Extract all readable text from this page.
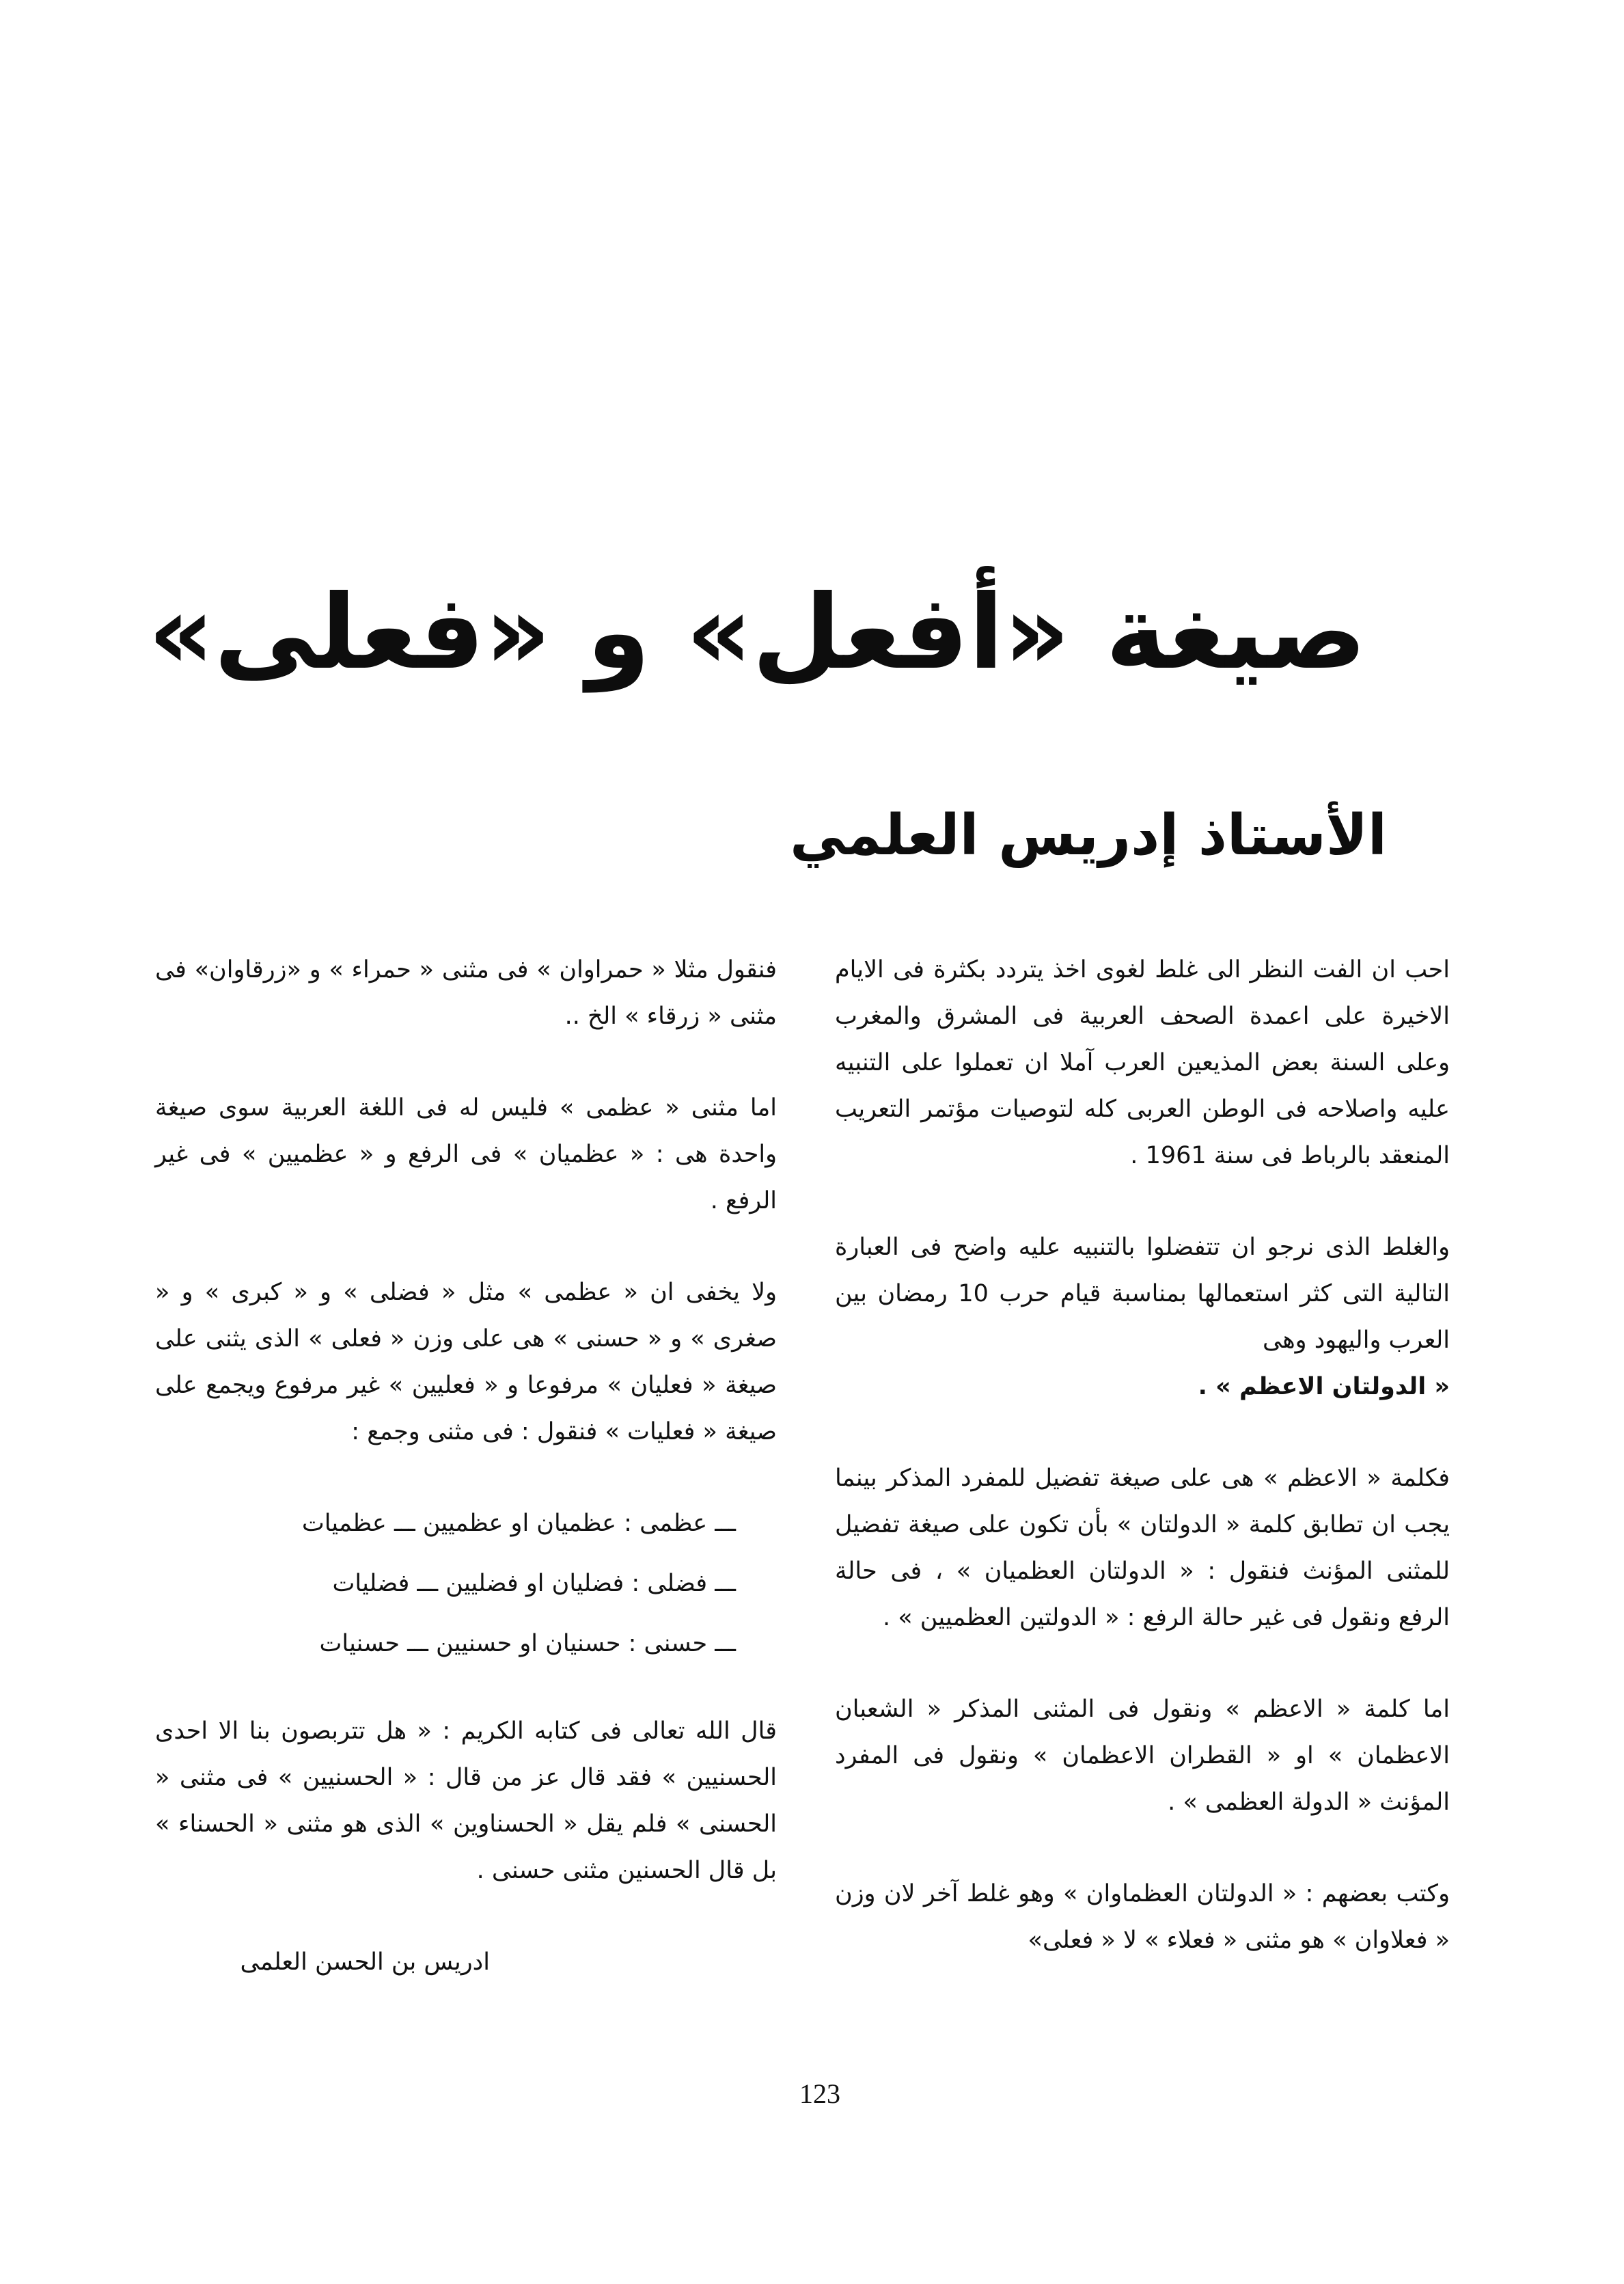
صيغة «أفعل» و «فعلى»
الأستاذ إدريس العلمي

احب ان الفت النظر الى غلط لغوى اخذ يتردد بكثرة فى الايام الاخيرة على اعمدة الصحف العربية فى المشرق والمغرب وعلى السنة بعض المذيعين العرب آملا ان تعملوا على التنبيه عليه واصلاحه فى الوطن العربى كله لتوصيات مؤتمر التعريب المنعقد بالرباط فى سنة 1961 .

والغلط الذى نرجو ان تتفضلوا بالتنبيه عليه واضح فى العبارة التالية التى كثر استعمالها بمناسبة قيام حرب 10 رمضان بين العرب واليهود وهى
« الدولتان الاعظم » .

فكلمة « الاعظم » هى على صيغة تفضيل للمفرد المذكر بينما يجب ان تطابق كلمة « الدولتان » بأن تكون على صيغة تفضيل للمثنى المؤنث فنقول : « الدولتان العظميان » ، فى حالة الرفع ونقول فى غير حالة الرفع : « الدولتين العظميين » .

اما كلمة « الاعظم » ونقول فى المثنى المذكر « الشعبان الاعظمان » او « القطران الاعظمان » ونقول فى المفرد المؤنث « الدولة العظمى » .

وكتب بعضهم : « الدولتان العظماوان » وهو غلط آخر لان وزن « فعلاوان » هو مثنى « فعلاء » لا « فعلى»

فنقول مثلا « حمراوان » فى مثنى « حمراء » و «زرقاوان» فى مثنى « زرقاء » الخ ..

اما مثنى « عظمى » فليس له فى اللغة العربية سوى صيغة واحدة هى : « عظميان » فى الرفع و « عظميين » فى غير الرفع .

ولا يخفى ان « عظمى » مثل « فضلى » و « كبرى » و « صغرى » و « حسنى » هى على وزن « فعلى » الذى يثنى على صيغة « فعليان » مرفوعا و « فعليين » غير مرفوع ويجمع على صيغة « فعليات » فنقول : فى مثنى وجمع :

ـــ عظمى : عظميان او عظميين ـــ عظميات
ـــ فضلى : فضليان او فضليين ـــ فضليات
ـــ حسنى : حسنيان او حسنيين ـــ حسنيات

قال الله تعالى فى كتابه الكريم : « هل تتربصون بنا الا احدى الحسنيين » فقد قال عز من قال : « الحسنيين » فى مثنى « الحسنى » فلم يقل « الحسناوين » الذى هو مثنى « الحسناء » بل قال الحسنين مثنى حسنى .

ادريس بن الحسن العلمى

123
